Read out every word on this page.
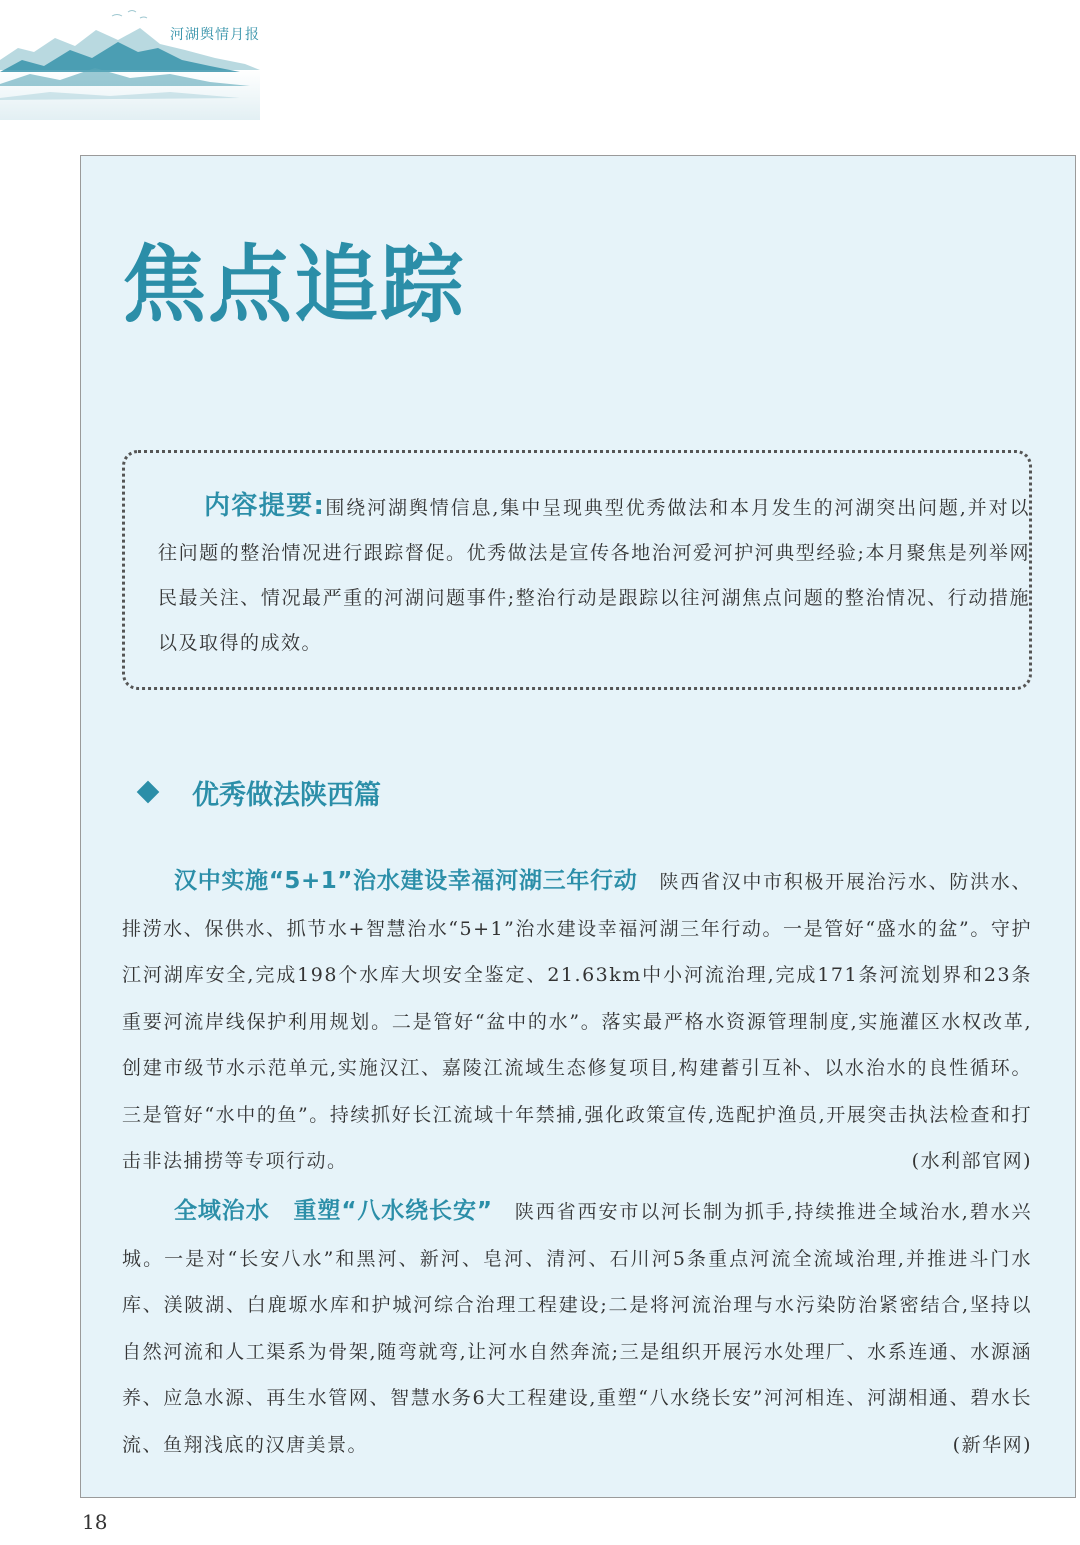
河湖舆情月报
焦点追踪
内容提要:围绕河湖舆情信息,集中呈现典型优秀做法和本月发生的河湖突出问题,并对以往问题的整治情况进行跟踪督促。优秀做法是宣传各地治河爱河护河典型经验;本月聚焦是列举网民最关注、情况最严重的河湖问题事件;整治行动是跟踪以往河湖焦点问题的整治情况、行动措施以及取得的成效。
优秀做法陕西篇
汉中实施“5+1”治水建设幸福河湖三年行动 陕西省汉中市积极开展治污水、防洪水、排涝水、保供水、抓节水+智慧治水“5+1”治水建设幸福河湖三年行动。一是管好“盛水的盆”。守护江河湖库安全,完成198个水库大坝安全鉴定、21.63km中小河流治理,完成171条河流划界和23条重要河流岸线保护利用规划。二是管好“盆中的水”。落实最严格水资源管理制度,实施灌区水权改革,创建市级节水示范单元,实施汉江、嘉陵江流域生态修复项目,构建蓄引互补、以水治水的良性循环。三是管好“水中的鱼”。持续抓好长江流域十年禁捕,强化政策宣传,选配护渔员,开展突击执法检查和打击非法捕捞等专项行动。	(水利部官网)
全域治水　重塑“八水绕长安” 陕西省西安市以河长制为抓手,持续推进全域治水,碧水兴城。一是对“长安八水”和黑河、新河、皂河、清河、石川河5条重点河流全流域治理,并推进斗门水库、渼陂湖、白鹿塬水库和护城河综合治理工程建设;二是将河流治理与水污染防治紧密结合,坚持以自然河流和人工渠系为骨架,随弯就弯,让河水自然奔流;三是组织开展污水处理厂、水系连通、水源涵养、应急水源、再生水管网、智慧水务6大工程建设,重塑“八水绕长安”河河相连、河湖相通、碧水长流、鱼翔浅底的汉唐美景。	(新华网)
18
